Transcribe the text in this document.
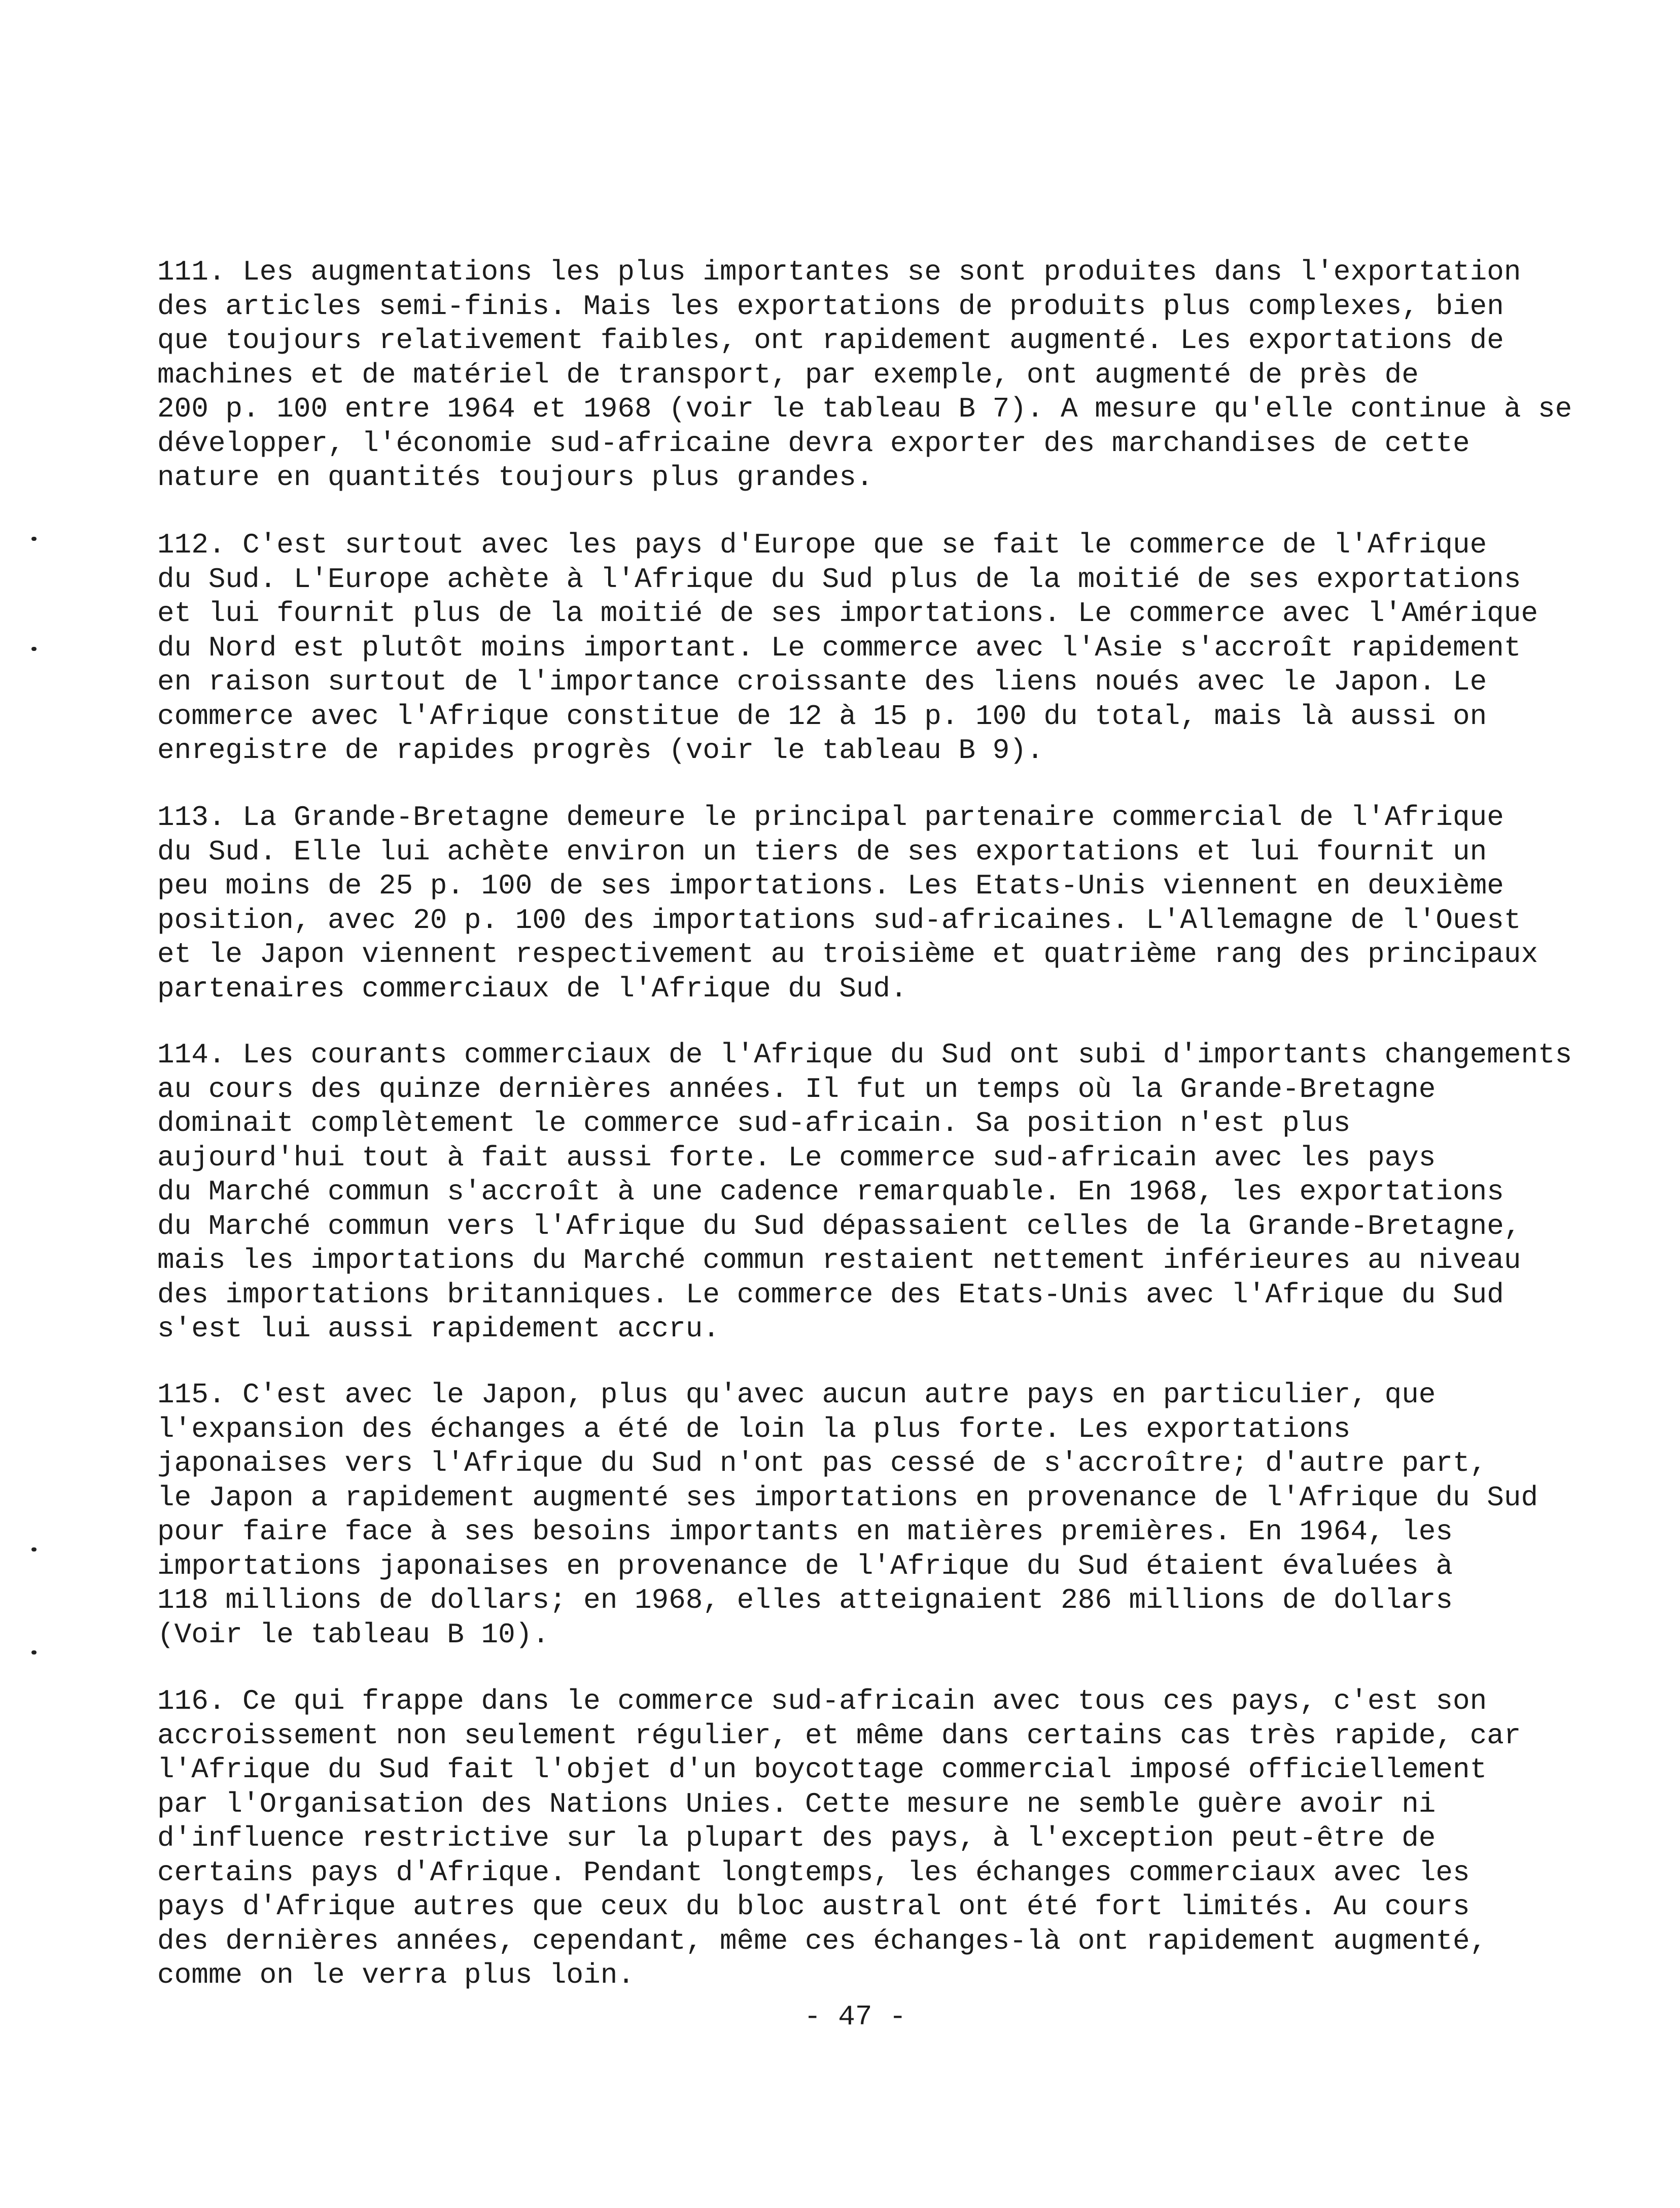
111. Les augmentations les plus importantes se sont produites dans l'exportation
des articles semi-finis. Mais les exportations de produits plus complexes, bien
que toujours relativement faibles, ont rapidement augmenté. Les exportations de
machines et de matériel de transport, par exemple, ont augmenté de près de
200 p. 100 entre 1964 et 1968 (voir le tableau B 7). A mesure qu'elle continue à se
développer, l'économie sud-africaine devra exporter des marchandises de cette
nature en quantités toujours plus grandes.
112. C'est surtout avec les pays d'Europe que se fait le commerce de l'Afrique
du Sud. L'Europe achète à l'Afrique du Sud plus de la moitié de ses exportations
et lui fournit plus de la moitié de ses importations. Le commerce avec l'Amérique
du Nord est plutôt moins important. Le commerce avec l'Asie s'accroît rapidement
en raison surtout de l'importance croissante des liens noués avec le Japon. Le
commerce avec l'Afrique constitue de 12 à 15 p. 100 du total, mais là aussi on
enregistre de rapides progrès (voir le tableau B 9).
113. La Grande-Bretagne demeure le principal partenaire commercial de l'Afrique
du Sud. Elle lui achète environ un tiers de ses exportations et lui fournit un
peu moins de 25 p. 100 de ses importations. Les Etats-Unis viennent en deuxième
position, avec 20 p. 100 des importations sud-africaines. L'Allemagne de l'Ouest
et le Japon viennent respectivement au troisième et quatrième rang des principaux
partenaires commerciaux de l'Afrique du Sud.
114. Les courants commerciaux de l'Afrique du Sud ont subi d'importants changements
au cours des quinze dernières années. Il fut un temps où la Grande-Bretagne
dominait complètement le commerce sud-africain. Sa position n'est plus
aujourd'hui tout à fait aussi forte. Le commerce sud-africain avec les pays
du Marché commun s'accroît à une cadence remarquable. En 1968, les exportations
du Marché commun vers l'Afrique du Sud dépassaient celles de la Grande-Bretagne,
mais les importations du Marché commun restaient nettement inférieures au niveau
des importations britanniques. Le commerce des Etats-Unis avec l'Afrique du Sud
s'est lui aussi rapidement accru.
115. C'est avec le Japon, plus qu'avec aucun autre pays en particulier, que
l'expansion des échanges a été de loin la plus forte. Les exportations
japonaises vers l'Afrique du Sud n'ont pas cessé de s'accroître; d'autre part,
le Japon a rapidement augmenté ses importations en provenance de l'Afrique du Sud
pour faire face à ses besoins importants en matières premières. En 1964, les
importations japonaises en provenance de l'Afrique du Sud étaient évaluées à
118 millions de dollars; en 1968, elles atteignaient 286 millions de dollars
(Voir le tableau B 10).
116. Ce qui frappe dans le commerce sud-africain avec tous ces pays, c'est son
accroissement non seulement régulier, et même dans certains cas très rapide, car
l'Afrique du Sud fait l'objet d'un boycottage commercial imposé officiellement
par l'Organisation des Nations Unies. Cette mesure ne semble guère avoir ni
d'influence restrictive sur la plupart des pays, à l'exception peut-être de
certains pays d'Afrique. Pendant longtemps, les échanges commerciaux avec les
pays d'Afrique autres que ceux du bloc austral ont été fort limités. Au cours
des dernières années, cependant, même ces échanges-là ont rapidement augmenté,
comme on le verra plus loin.
- 47 -
